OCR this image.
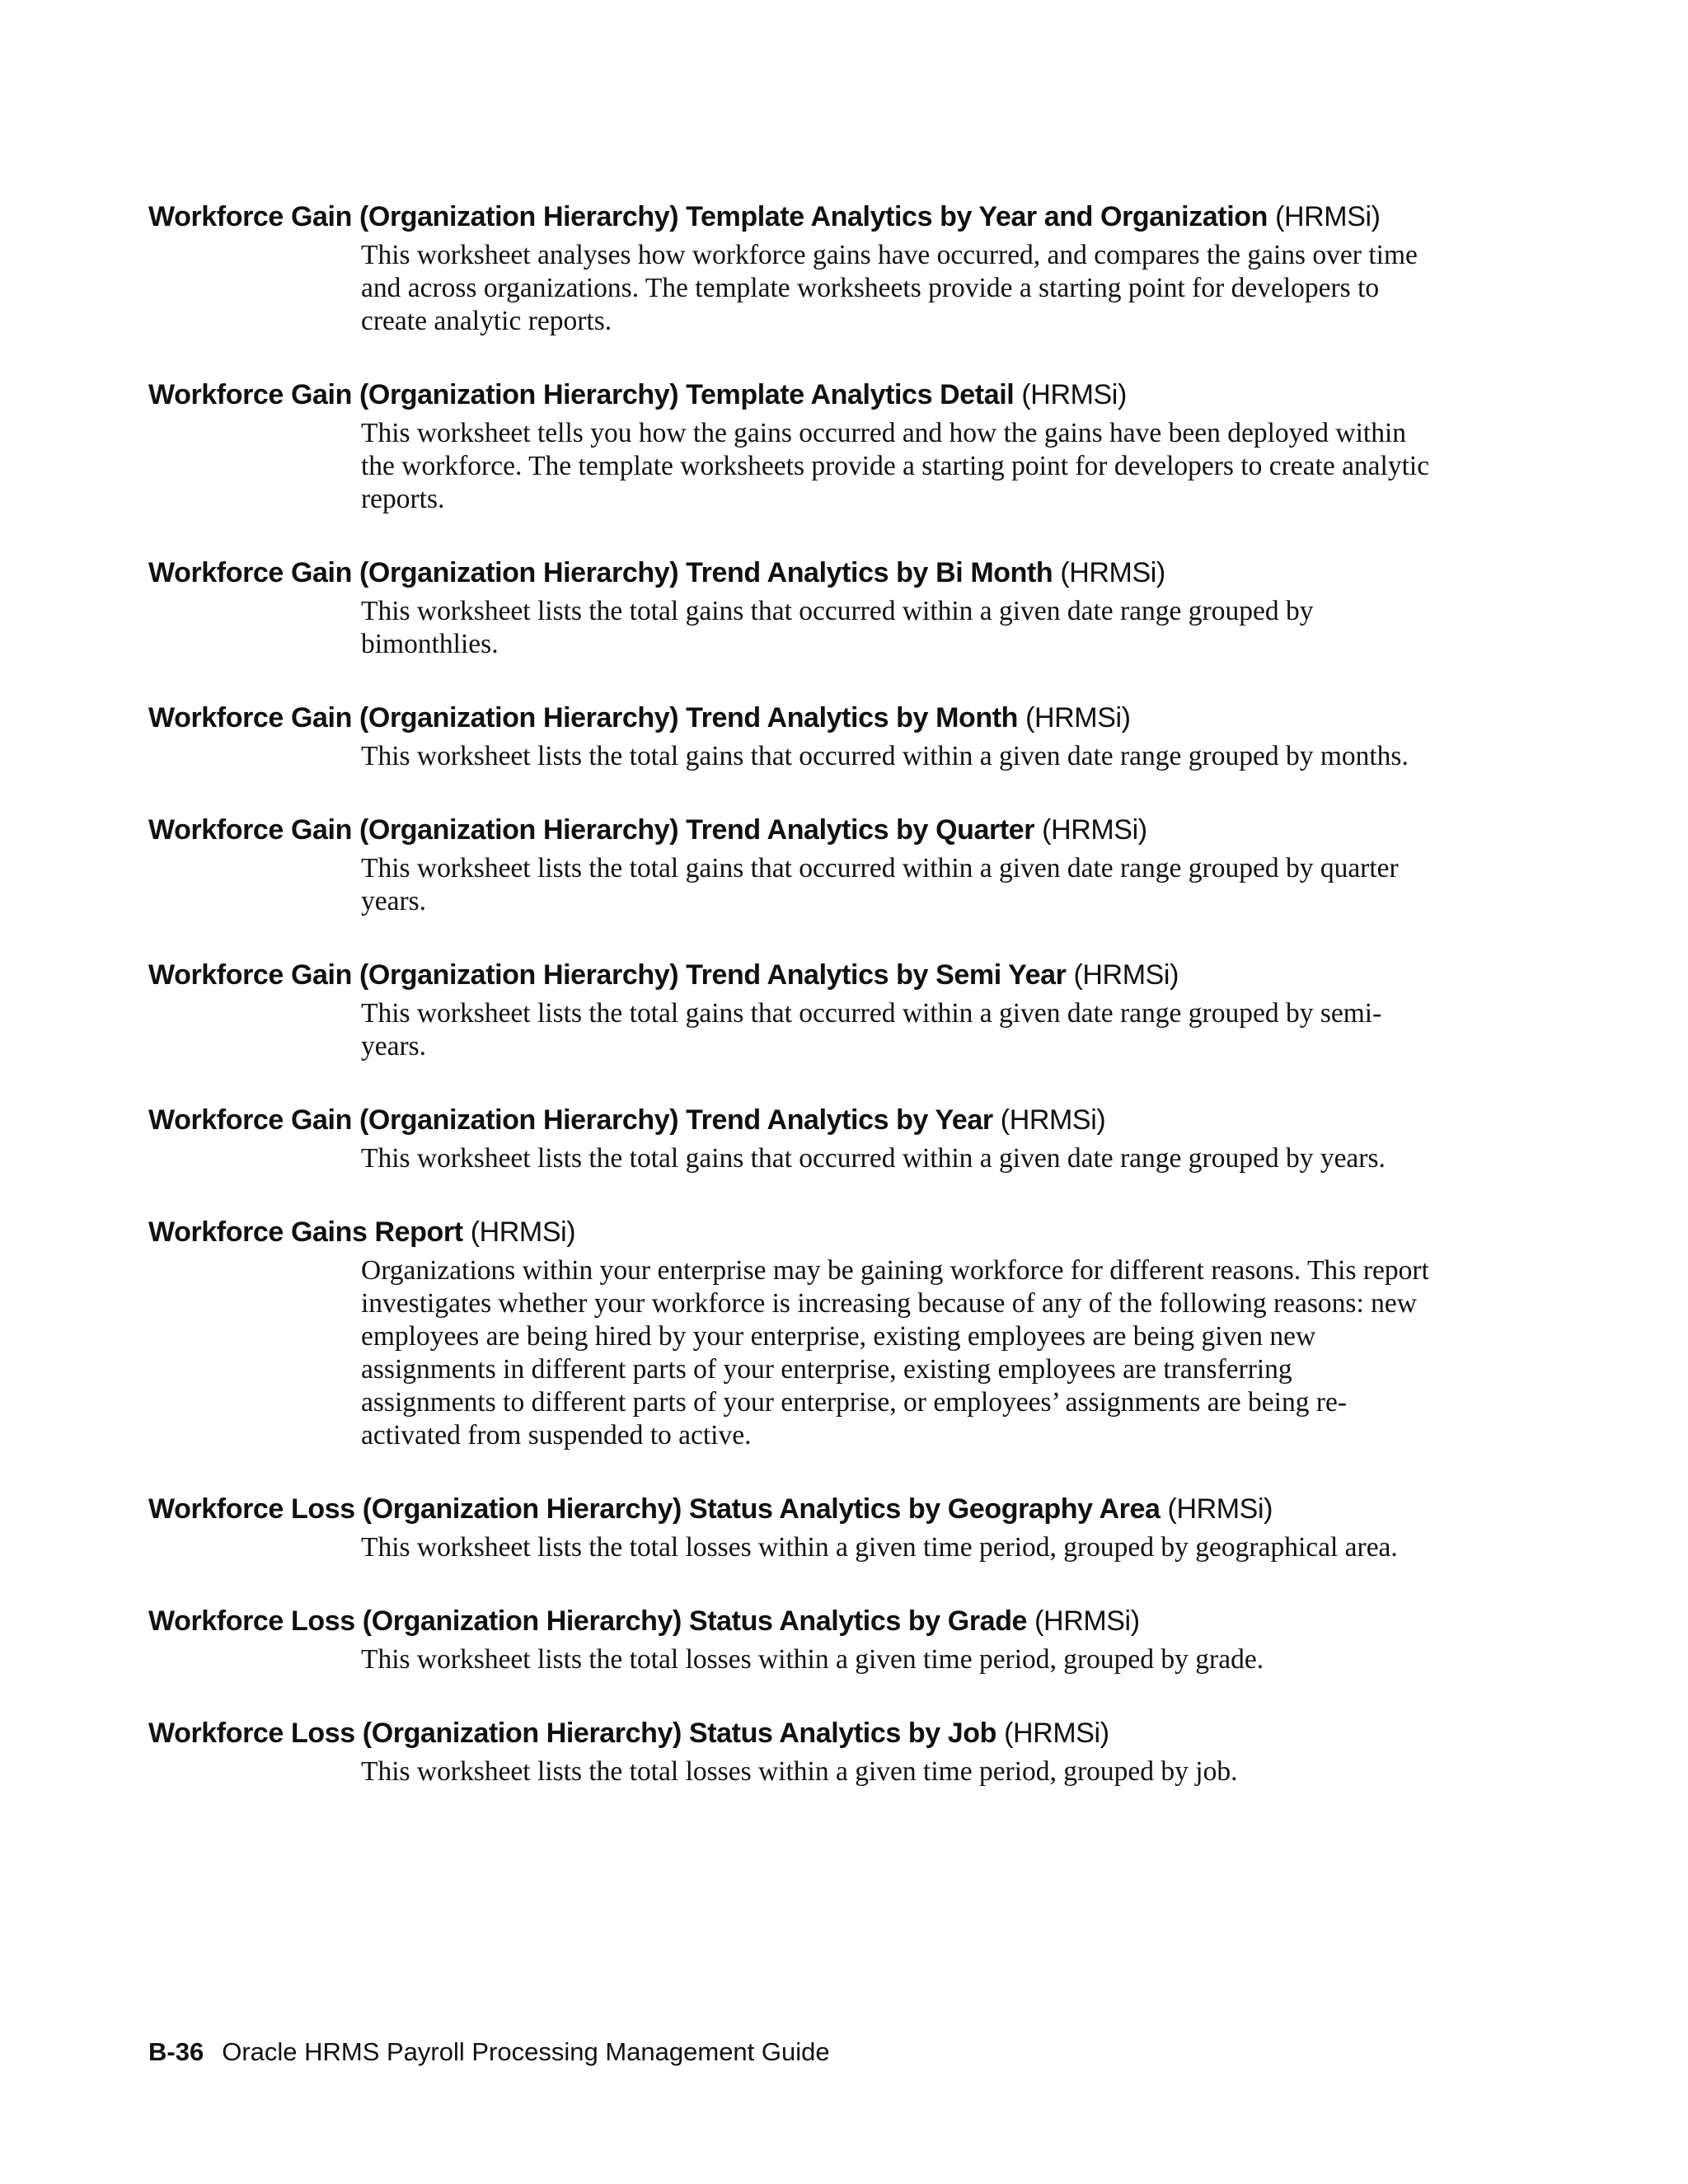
Workforce Gain (Organization Hierarchy) Template Analytics by Year and Organization (HRMSi)
This worksheet analyses how workforce gains have occurred, and compares the gains over time and across organizations. The template worksheets provide a starting point for developers to create analytic reports.
Workforce Gain (Organization Hierarchy) Template Analytics Detail (HRMSi)
This worksheet tells you how the gains occurred and how the gains have been deployed within the workforce. The template worksheets provide a starting point for developers to create analytic reports.
Workforce Gain (Organization Hierarchy) Trend Analytics by Bi Month (HRMSi)
This worksheet lists the total gains that occurred within a given date range grouped by bimonthlies.
Workforce Gain (Organization Hierarchy) Trend Analytics by Month (HRMSi)
This worksheet lists the total gains that occurred within a given date range grouped by months.
Workforce Gain (Organization Hierarchy) Trend Analytics by Quarter (HRMSi)
This worksheet lists the total gains that occurred within a given date range grouped by quarter years.
Workforce Gain (Organization Hierarchy) Trend Analytics by Semi Year (HRMSi)
This worksheet lists the total gains that occurred within a given date range grouped by semi-years.
Workforce Gain (Organization Hierarchy) Trend Analytics by Year (HRMSi)
This worksheet lists the total gains that occurred within a given date range grouped by years.
Workforce Gains Report (HRMSi)
Organizations within your enterprise may be gaining workforce for different reasons. This report investigates whether your workforce is increasing because of any of the following reasons: new employees are being hired by your enterprise, existing employees are being given new assignments in different parts of your enterprise, existing employees are transferring assignments to different parts of your enterprise, or employees’ assignments are being re-activated from suspended to active.
Workforce Loss (Organization Hierarchy) Status Analytics by Geography Area (HRMSi)
This worksheet lists the total losses within a given time period, grouped by geographical area.
Workforce Loss (Organization Hierarchy) Status Analytics by Grade (HRMSi)
This worksheet lists the total losses within a given time period, grouped by grade.
Workforce Loss (Organization Hierarchy) Status Analytics by Job (HRMSi)
This worksheet lists the total losses within a given time period, grouped by job.
B-36 Oracle HRMS Payroll Processing Management Guide
